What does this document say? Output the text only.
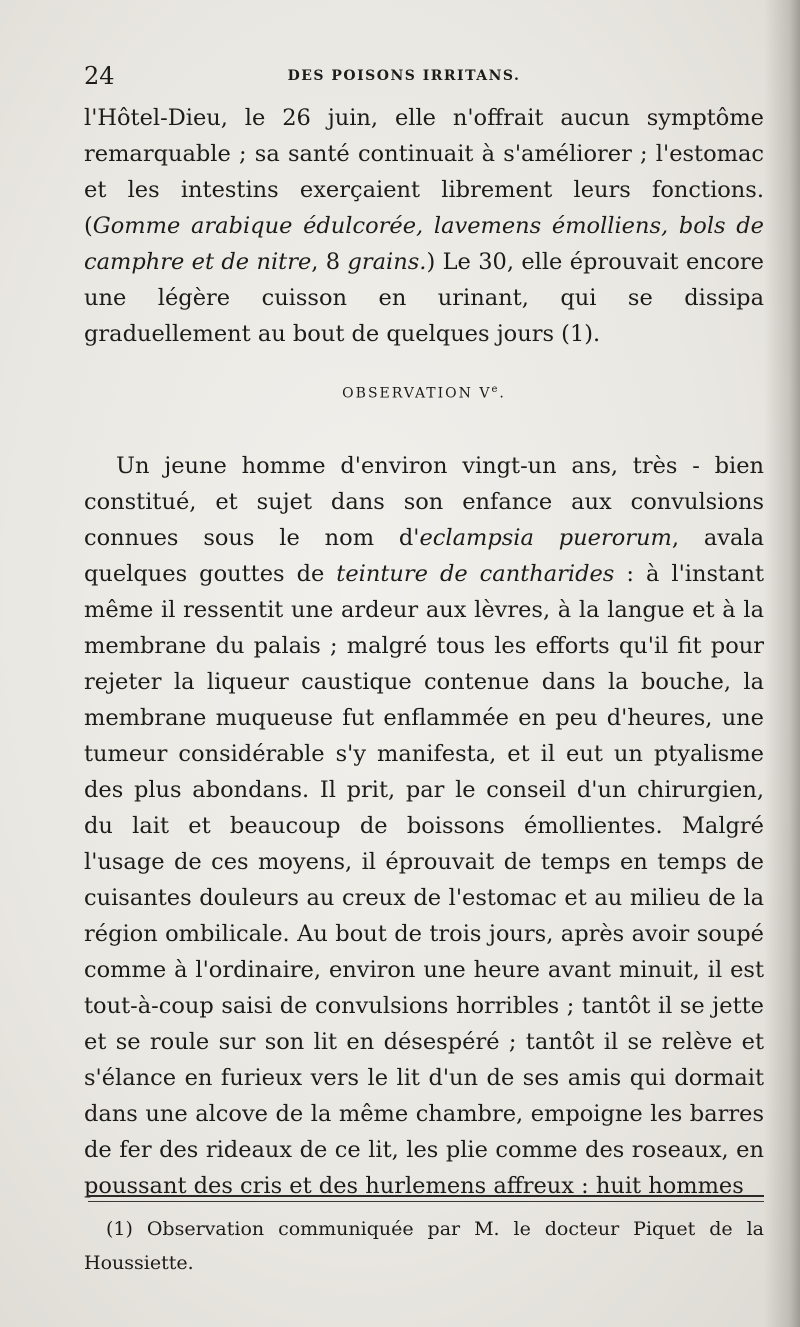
24	DES POISONS IRRITANS.

l'Hôtel-Dieu, le 26 juin, elle n'offrait aucun symptôme remarquable ; sa santé continuait à s'améliorer ; l'estomac et les intestins exerçaient librement leurs fonctions. (Gomme arabique édulcorée, lavemens émolliens, bols de camphre et de nitre, 8 grains.) Le 30, elle éprouvait encore une légère cuisson en urinant, qui se dissipa graduellement au bout de quelques jours (1).

OBSERVATION Ve.

Un jeune homme d'environ vingt-un ans, très - bien constitué, et sujet dans son enfance aux convulsions connues sous le nom d'eclampsia puerorum, avala quelques gouttes de teinture de cantharides : à l'instant même il ressentit une ardeur aux lèvres, à la langue et à la membrane du palais ; malgré tous les efforts qu'il fit pour rejeter la liqueur caustique contenue dans la bouche, la membrane muqueuse fut enflammée en peu d'heures, une tumeur considérable s'y manifesta, et il eut un ptyalisme des plus abondans. Il prit, par le conseil d'un chirurgien, du lait et beaucoup de boissons émollientes. Malgré l'usage de ces moyens, il éprouvait de temps en temps de cuisantes douleurs au creux de l'estomac et au milieu de la région ombilicale. Au bout de trois jours, après avoir soupé comme à l'ordinaire, environ une heure avant minuit, il est tout-à-coup saisi de convulsions horribles ; tantôt il se jette et se roule sur son lit en désespéré ; tantôt il se relève et s'élance en furieux vers le lit d'un de ses amis qui dormait dans une alcove de la même chambre, empoigne les barres de fer des rideaux de ce lit, les plie comme des roseaux, en poussant des cris et des hurlemens affreux : huit hommes

(1) Observation communiquée par M. le docteur Piquet de la Houssiette.
